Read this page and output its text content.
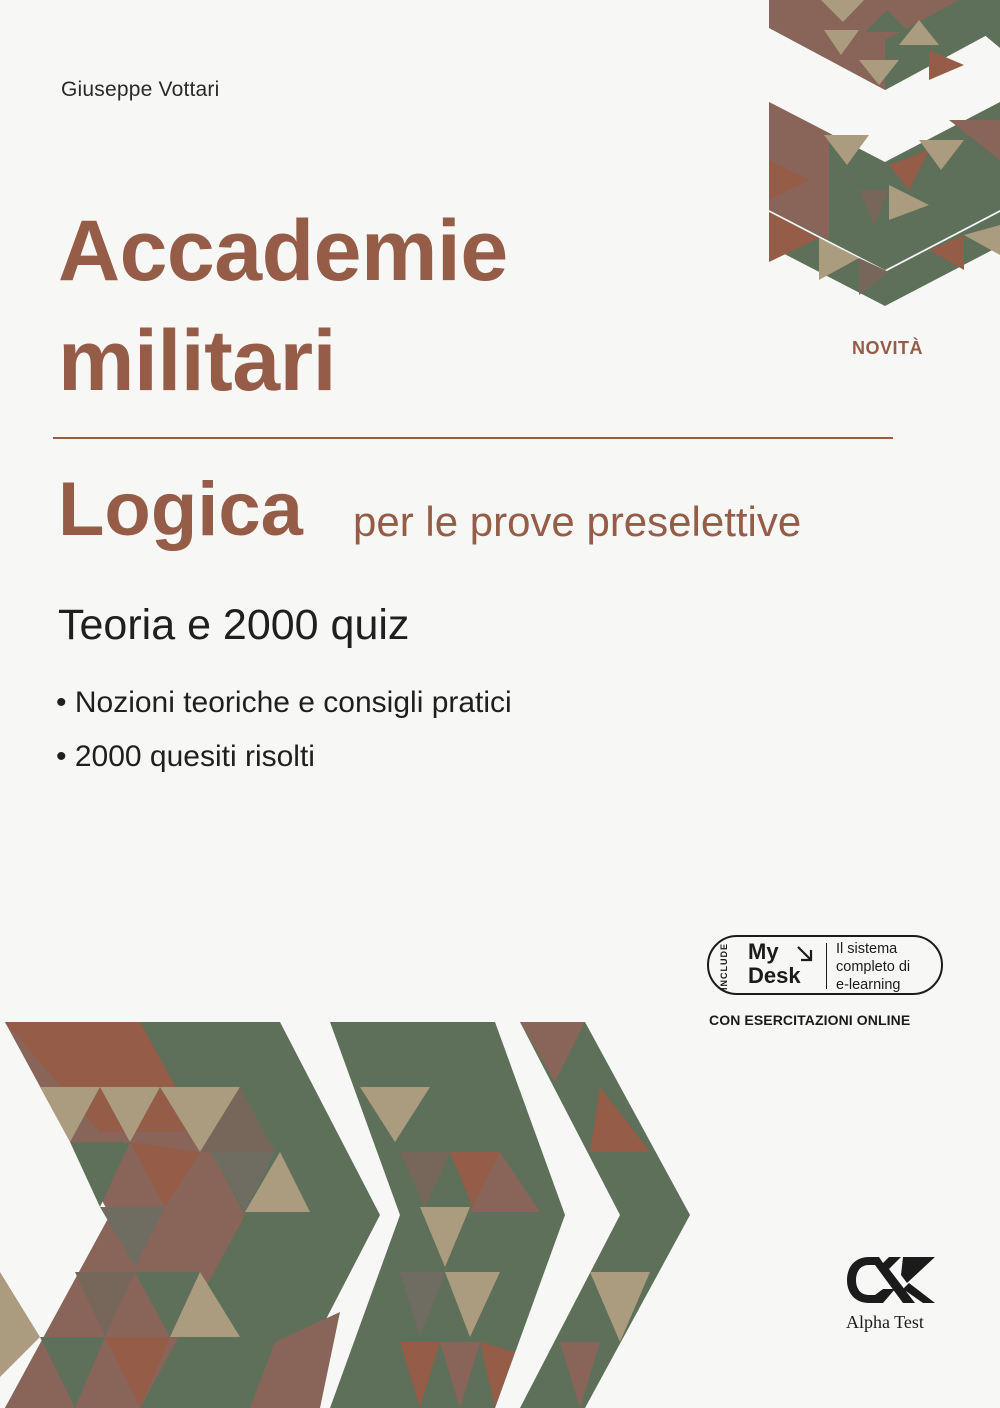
Giuseppe Vottari
Accademie
militari	NOVITÀ
Logica per le prove preselettive
Teoria e 2000 quiz
• Nozioni teoriche e consigli pratici
• 2000 quesiti risolti
INCLUDE My
Desk
Il sistema
completo di
e-learning
CON ESERCITAZIONI ONLINE
Alpha Test
